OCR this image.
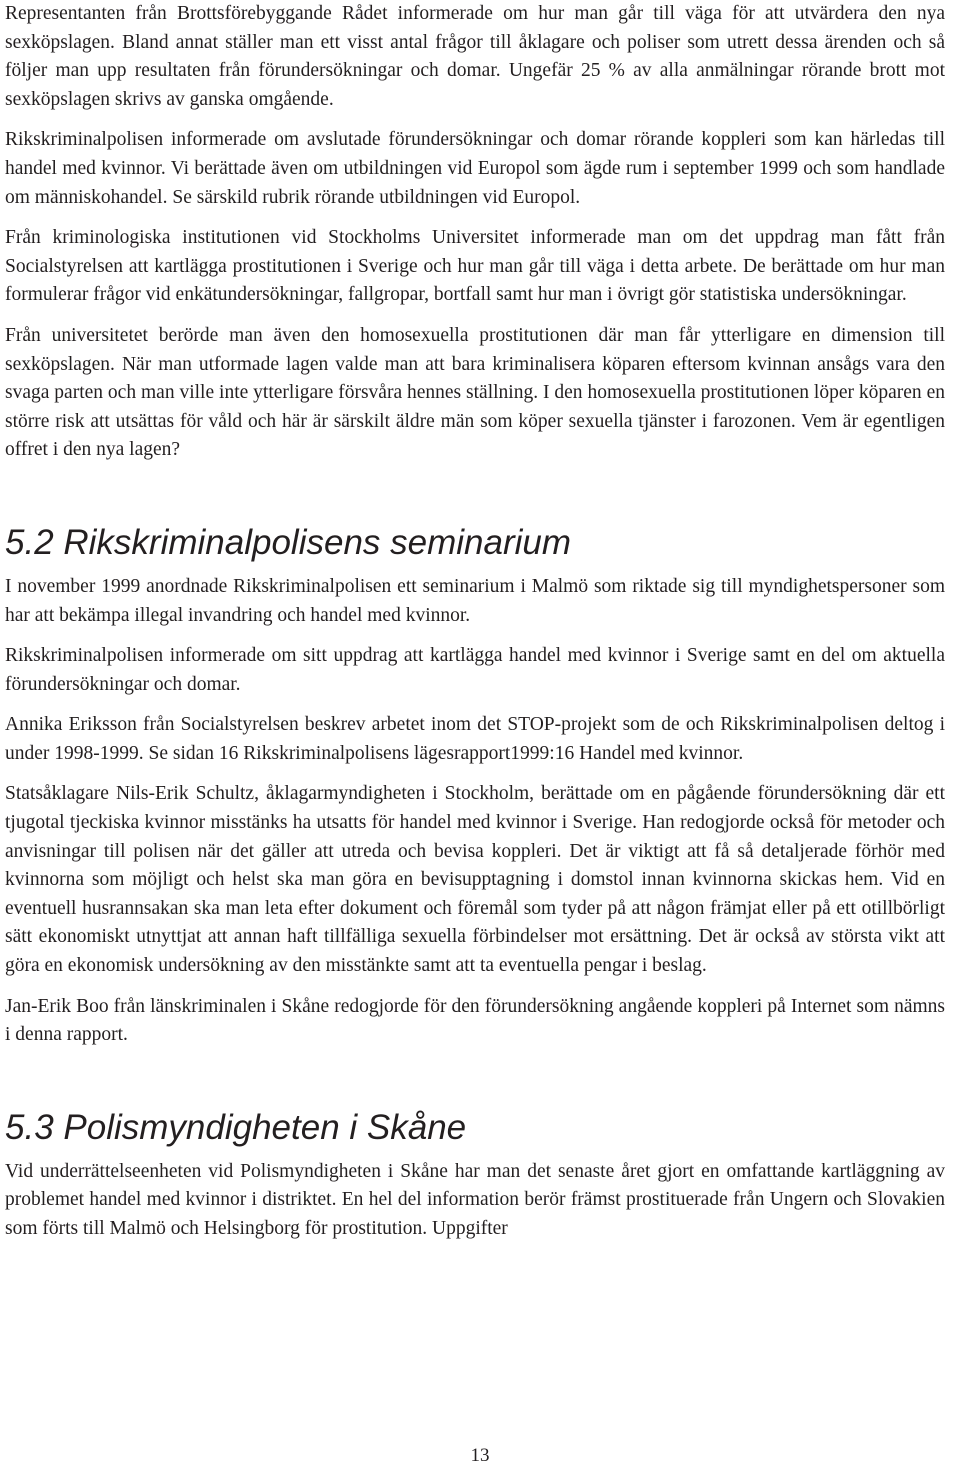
Representanten från Brottsförebyggande Rådet informerade om hur man går till väga för att utvärdera den nya sexköpslagen. Bland annat ställer man ett visst antal frågor till åklagare och poliser som utrett dessa ärenden och så följer man upp resultaten från förundersökningar och domar. Ungefär 25 % av alla anmälningar rörande brott mot sexköpslagen skrivs av ganska omgående.

Rikskriminalpolisen informerade om avslutade förundersökningar och domar rörande koppleri som kan härledas till handel med kvinnor. Vi berättade även om utbildningen vid Europol som ägde rum i september 1999 och som handlade om människohandel. Se särskild rubrik rörande utbildningen vid Europol.

Från kriminologiska institutionen vid Stockholms Universitet informerade man om det uppdrag man fått från Socialstyrelsen att kartlägga prostitutionen i Sverige och hur man går till väga i detta arbete. De berättade om hur man formulerar frågor vid enkätundersökningar, fallgropar, bortfall samt hur man i övrigt gör statistiska undersökningar.

Från universitetet berörde man även den homosexuella prostitutionen där man får ytterligare en dimension till sexköpslagen. När man utformade lagen valde man att bara kriminalisera köparen eftersom kvinnan ansågs vara den svaga parten och man ville inte ytterligare försvåra hennes ställning. I den homosexuella prostitutionen löper köparen en större risk att utsättas för våld och här är särskilt äldre män som köper sexuella tjänster i farozonen. Vem är egentligen offret i den nya lagen?

5.2 Rikskriminalpolisens seminarium

I november 1999 anordnade Rikskriminalpolisen ett seminarium i Malmö som riktade sig till myndighetspersoner som har att bekämpa illegal invandring och handel med kvinnor.

Rikskriminalpolisen informerade om sitt uppdrag att kartlägga handel med kvinnor i Sverige samt en del om aktuella förundersökningar och domar.

Annika Eriksson från Socialstyrelsen beskrev arbetet inom det STOP-projekt som de och Rikskriminalpolisen deltog i under 1998-1999. Se sidan 16 Rikskriminalpolisens lägesrapport1999:16 Handel med kvinnor.

Statsåklagare Nils-Erik Schultz, åklagarmyndigheten i Stockholm, berättade om en pågående förundersökning där ett tjugotal tjeckiska kvinnor misstänks ha utsatts för handel med kvinnor i Sverige. Han redogjorde också för metoder och anvisningar till polisen när det gäller att utreda och bevisa koppleri. Det är viktigt att få så detaljerade förhör med kvinnorna som möjligt och helst ska man göra en bevisupptagning i domstol innan kvinnorna skickas hem. Vid en eventuell husrannsakan ska man leta efter dokument och föremål som tyder på att någon främjat eller på ett otillbörligt sätt ekonomiskt utnyttjat att annan haft tillfälliga sexuella förbindelser mot ersättning. Det är också av största vikt att göra en ekonomisk undersökning av den misstänkte samt att ta eventuella pengar i beslag.

Jan-Erik Boo från länskriminalen i Skåne redogjorde för den förundersökning angående koppleri på Internet som nämns i denna rapport.

5.3 Polismyndigheten i Skåne

Vid underrättelseenheten vid Polismyndigheten i Skåne har man det senaste året gjort en omfattande kartläggning av problemet handel med kvinnor i distriktet. En hel del information berör främst prostituerade från Ungern och Slovakien som förts till Malmö och Helsingborg för prostitution. Uppgifter

13
